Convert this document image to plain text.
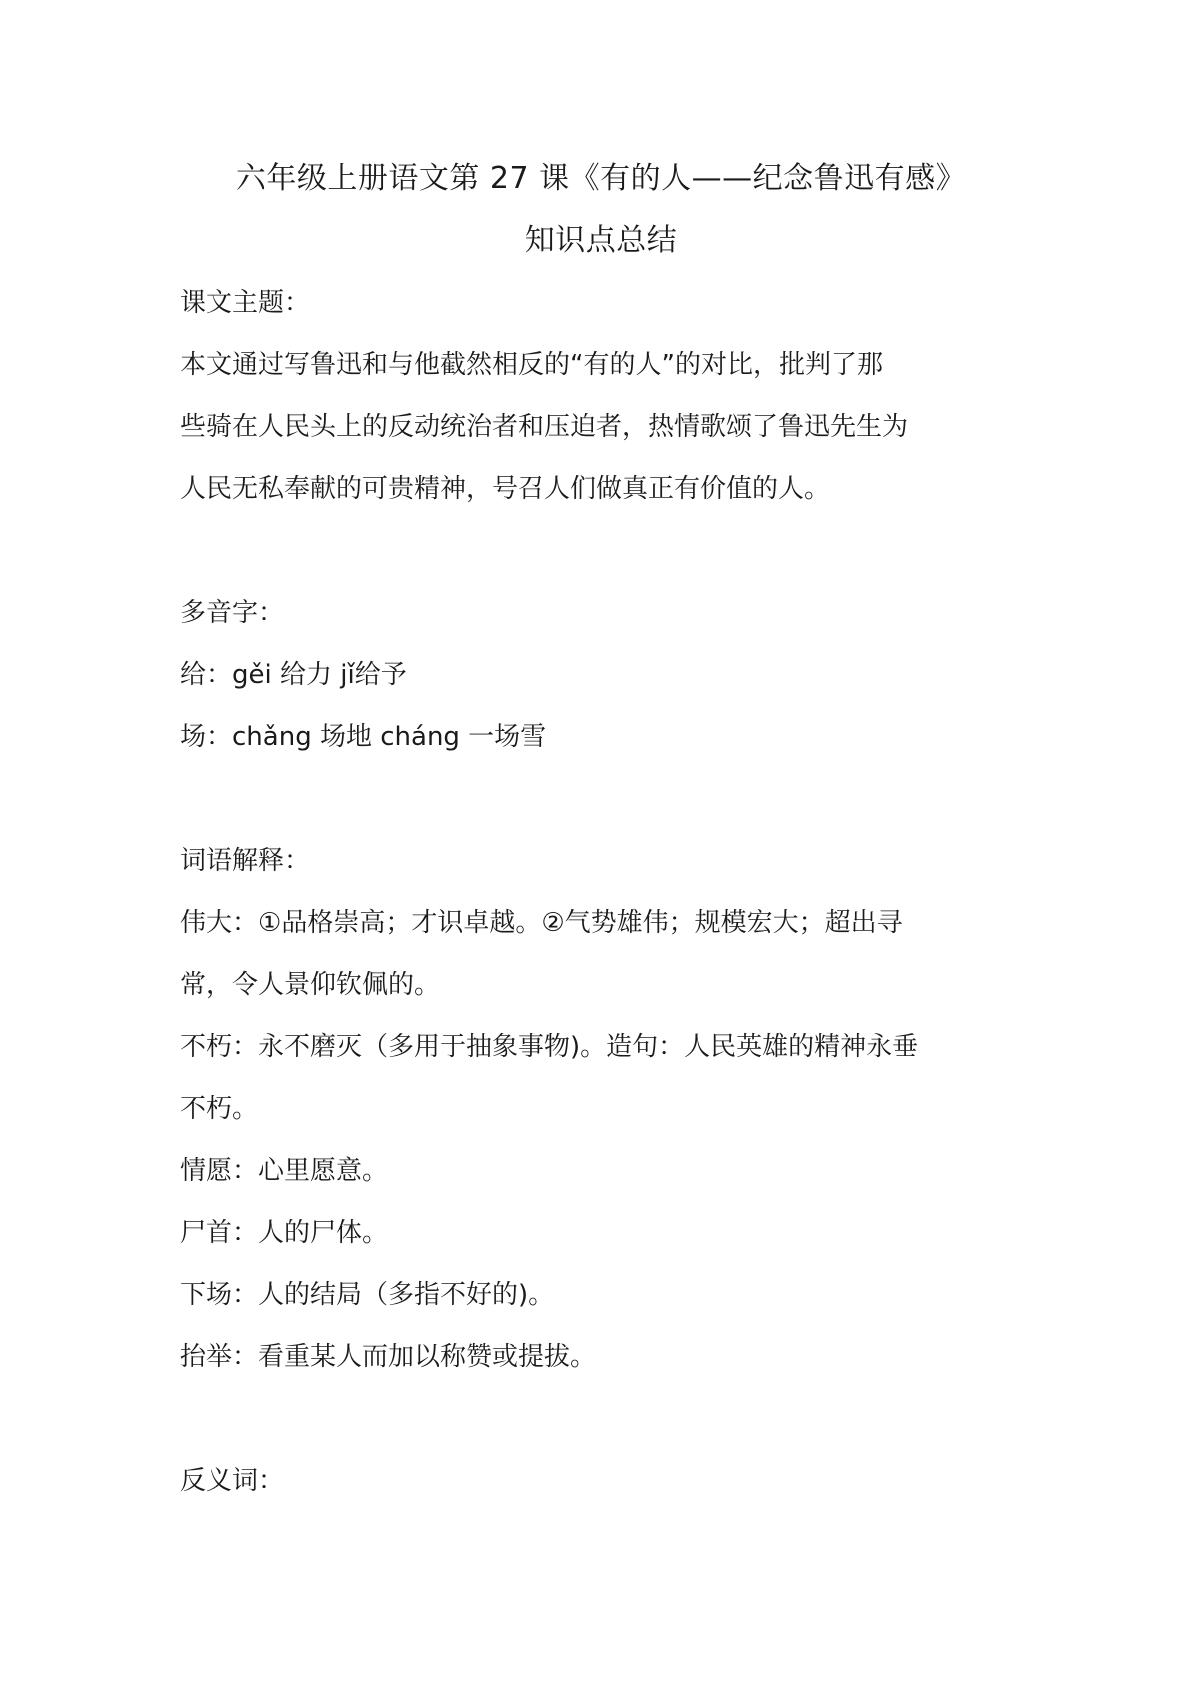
六年级上册语文第 27 课《有的人——纪念鲁迅有感》
知识点总结

课文主题：

本文通过写鲁迅和与他截然相反的“有的人”的对比，批判了那

些骑在人民头上的反动统治者和压迫者，热情歌颂了鲁迅先生为

人民无私奉献的可贵精神，号召人们做真正有价值的人。

多音字：

给：gěi 给力 jǐ给予

场：chǎng 场地 cháng 一场雪

词语解释：

伟大：①品格崇高；才识卓越。②气势雄伟；规模宏大；超出寻

常，令人景仰钦佩的。

不朽：永不磨灭（多用于抽象事物)。造句：人民英雄的精神永垂

不朽。

情愿：心里愿意。

尸首：人的尸体。

下场：人的结局（多指不好的)。

抬举：看重某人而加以称赞或提拔。

反义词：
